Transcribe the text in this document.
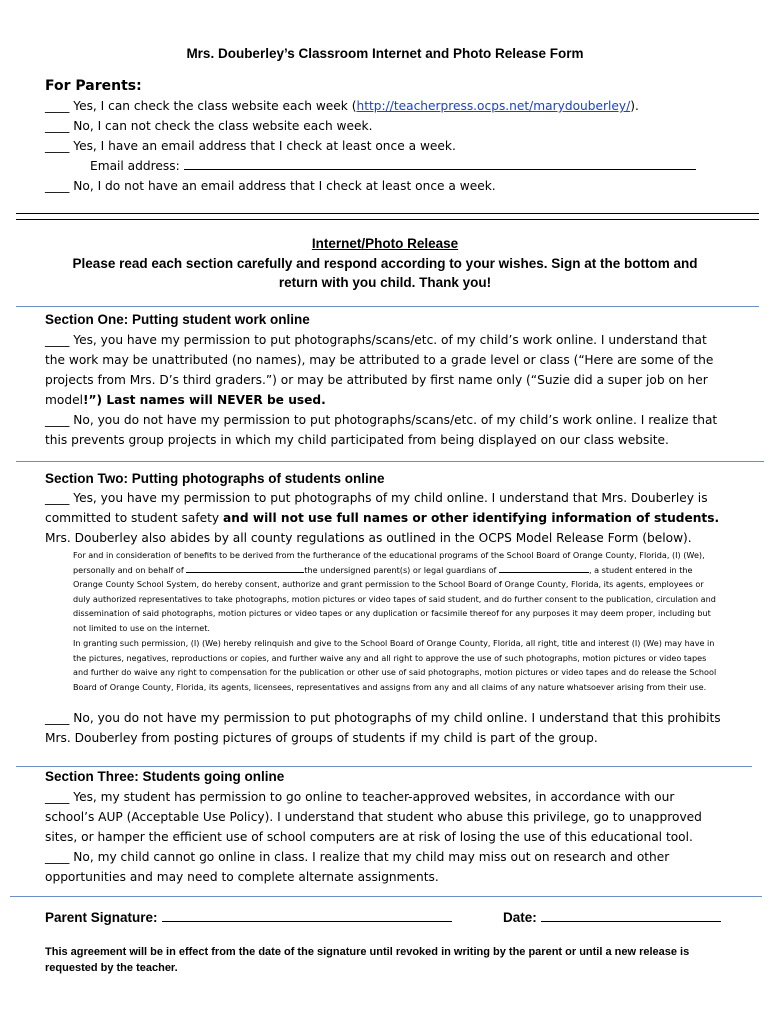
Mrs. Douberley’s Classroom Internet and Photo Release Form
For Parents:
____ Yes, I can check the class website each week (http://teacherpress.ocps.net/marydouberley/).
____ No, I can not check the class website each week.
____ Yes, I have an email address that I check at least once a week.
Email address:
____ No, I do not have an email address that I check at least once a week.
Internet/Photo Release
Please read each section carefully and respond according to your wishes. Sign at the bottom and
return with you child. Thank you!
Section One: Putting student work online
____ Yes, you have my permission to put photographs/scans/etc. of my child’s work online. I understand that the work may be unattributed (no names), may be attributed to a grade level or class (“Here are some of the projects from Mrs. D’s third graders.”) or may be attributed by first name only (“Suzie did a super job on her model!”) Last names will NEVER be used.
____ No, you do not have my permission to put photographs/scans/etc. of my child’s work online. I realize that this prevents group projects in which my child participated from being displayed on our class website.
Section Two: Putting photographs of students online
____ Yes, you have my permission to put photographs of my child online. I understand that Mrs. Douberley is committed to student safety and will not use full names or other identifying information of students.
Mrs. Douberley also abides by all county regulations as outlined in the OCPS Model Release Form (below).
For and in consideration of benefits to be derived from the furtherance of the educational programs of the School Board of Orange County, Florida, (I) (We), personally and on behalf of	the undersigned parent(s) or legal guardians of	, a student entered in the Orange County School System, do hereby consent, authorize and grant permission to the School Board of Orange County, Florida, its agents, employees or duly authorized representatives to take photographs, motion pictures or video tapes of said student, and do further consent to the publication, circulation and dissemination of said photographs, motion pictures or video tapes or any duplication or facsimile thereof for any purposes it may deem proper, including but not limited to use on the internet.
In granting such permission, (I) (We) hereby relinquish and give to the School Board of Orange County, Florida, all right, title and interest (I) (We) may have in the pictures, negatives, reproductions or copies, and further waive any and all right to approve the use of such photographs, motion pictures or video tapes and further do waive any right to compensation for the publication or other use of said photographs, motion pictures or video tapes and do release the School Board of Orange County, Florida, its agents, licensees, representatives and assigns from any and all claims of any nature whatsoever arising from their use.
____ No, you do not have my permission to put photographs of my child online. I understand that this prohibits Mrs. Douberley from posting pictures of groups of students if my child is part of the group.
Section Three: Students going online
____ Yes, my student has permission to go online to teacher-approved websites, in accordance with our school’s AUP (Acceptable Use Policy). I understand that student who abuse this privilege, go to unapproved sites, or hamper the efficient use of school computers are at risk of losing the use of this educational tool.
____ No, my child cannot go online in class. I realize that my child may miss out on research and other opportunities and may need to complete alternate assignments.
Parent Signature:	Date:
This agreement will be in effect from the date of the signature until revoked in writing by the parent or until a new release is requested by the teacher.
